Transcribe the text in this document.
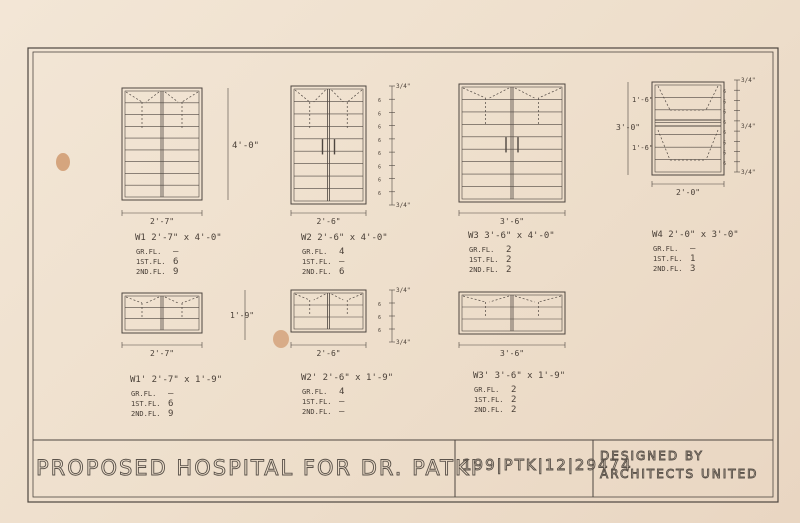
2'-7"
4'-0"
2'-6"
6
6
6
6
6
6
6
6
3/4"
3/4"
3'-6"
2'-0"
3'-0"
1'-6"
1'-6"
6
6
6
6
6
6
6
6
3/4"
3/4"
3/4"
2'-7"
1'-9"
2'-6"
6
6
6
3/4"
3/4"
3'-6"
W1 2'-7" x 4'-0"
GR.FL. —
1ST.FL. 6
2ND.FL. 9
W2 2'-6" x 4'-0"
GR.FL. 4
1ST.FL. —
2ND.FL. 6
W3 3'-6" x 4'-0"
GR.FL. 2
1ST.FL. 2
2ND.FL. 2
W4 2'-0" x 3'-0"
GR.FL. —
1ST.FL. 1
2ND.FL. 3
W1' 2'-7" x 1'-9"
GR.FL. —
1ST.FL. 6
2ND.FL. 9
W2' 2'-6" x 1'-9"
GR.FL. 4
1ST.FL. —
2ND.FL. —
W3' 3'-6" x 1'-9"
GR.FL. 2
1ST.FL. 2
2ND.FL. 2
PROPOSED HOSPITAL FOR DR. PATKI
199|PTK|12|29474
DESIGNED BY
ARCHITECTS UNITED
